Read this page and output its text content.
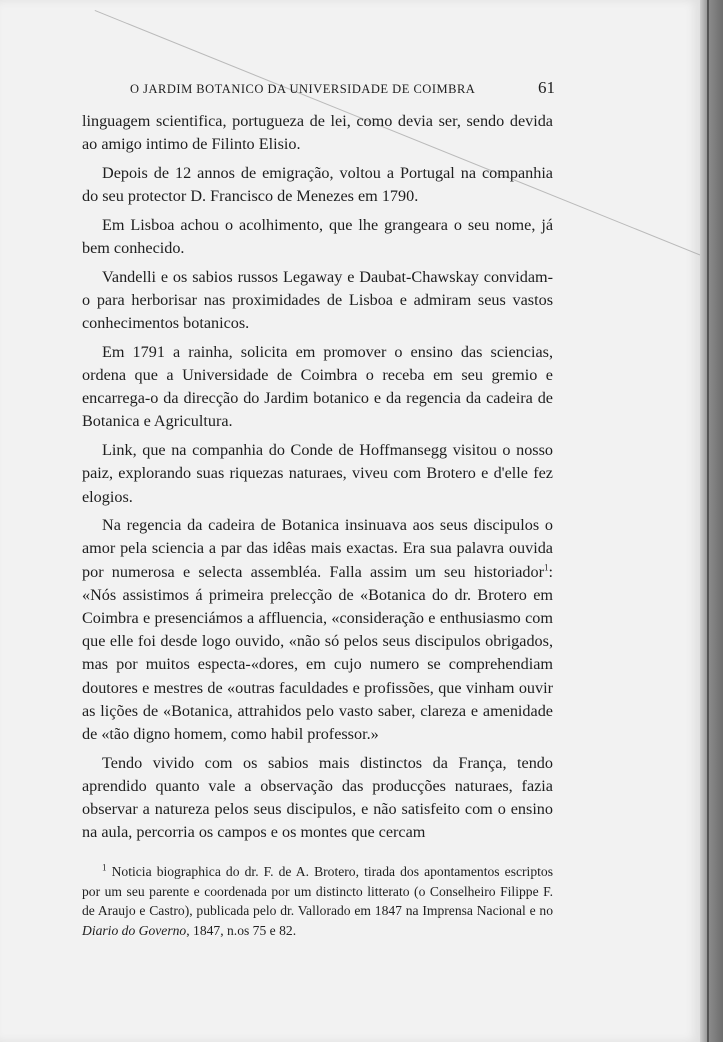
O JARDIM BOTANICO DA UNIVERSIDADE DE COIMBRA	61

linguagem scientifica, portugueza de lei, como devia ser, sendo devida ao amigo intimo de Filinto Elisio.

Depois de 12 annos de emigração, voltou a Portugal na companhia do seu protector D. Francisco de Menezes em 1790.

Em Lisboa achou o acolhimento, que lhe grangeara o seu nome, já bem conhecido.

Vandelli e os sabios russos Legaway e Daubat-Chawskay convidam-o para herborisar nas proximidades de Lisboa e admiram seus vastos conhecimentos botanicos.

Em 1791 a rainha, solicita em promover o ensino das sciencias, ordena que a Universidade de Coimbra o receba em seu gremio e encarrega-o da direcção do Jardim botanico e da regencia da cadeira de Botanica e Agricultura.

Link, que na companhia do Conde de Hoffmansegg visitou o nosso paiz, explorando suas riquezas naturaes, viveu com Brotero e d'elle fez elogios.

Na regencia da cadeira de Botanica insinuava aos seus discipulos o amor pela sciencia a par das idêas mais exactas. Era sua palavra ouvida por numerosa e selecta assembléa. Falla assim um seu historiador$^1$: «Nós assistimos á primeira prelecção de «Botanica do dr. Brotero em Coimbra e presenciámos a affluencia, «consideração e enthusiasmo com que elle foi desde logo ouvido, «não só pelos seus discipulos obrigados, mas por muitos especta-«dores, em cujo numero se comprehendiam doutores e mestres de «outras faculdades e profissões, que vinham ouvir as lições de «Botanica, attrahidos pelo vasto saber, clareza e amenidade de «tão digno homem, como habil professor.»

Tendo vivido com os sabios mais distinctos da França, tendo aprendido quanto vale a observação das producções naturaes, fazia observar a natureza pelos seus discipulos, e não satisfeito com o ensino na aula, percorria os campos e os montes que cercam

$^1$ Noticia biographica do dr. F. de A. Brotero, tirada dos apontamentos escriptos por um seu parente e coordenada por um distincto litterato (o Conselheiro Filippe F. de Araujo e Castro), publicada pelo dr. Vallorado em 1847 na Imprensa Nacional e no Diario do Governo, 1847, n.os 75 e 82.
